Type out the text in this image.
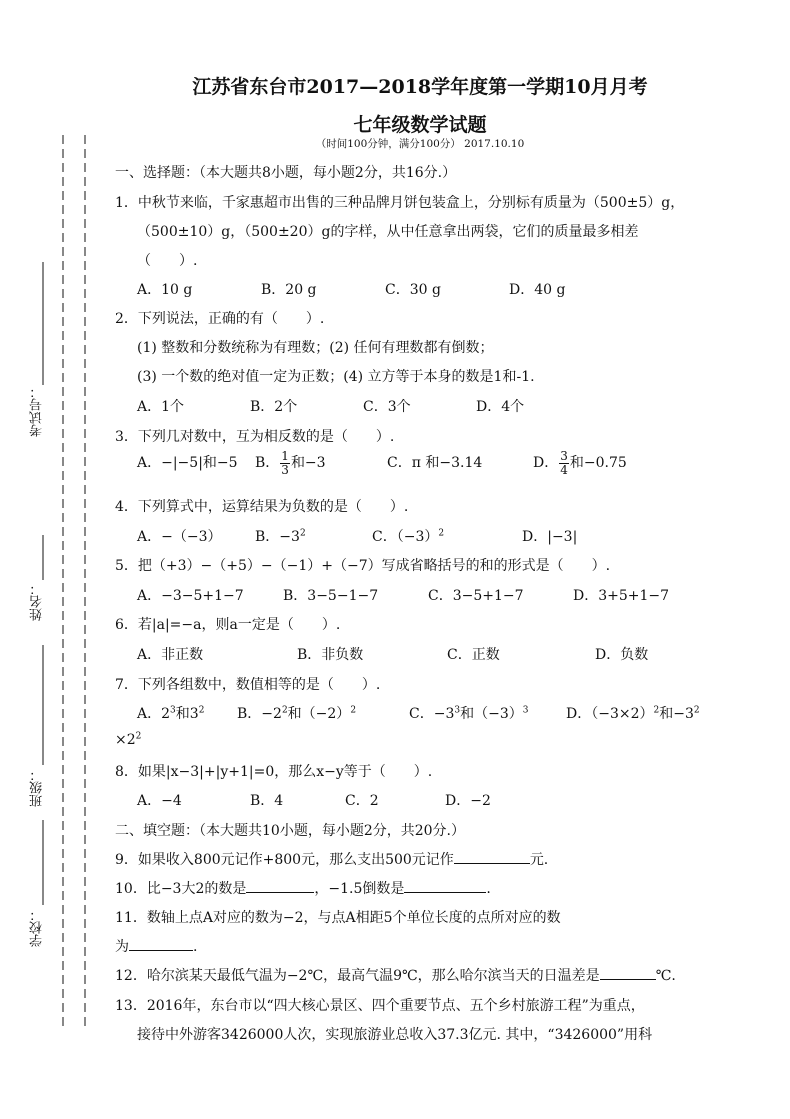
江苏省东台市2017—2018学年度第一学期10月月考
七年级数学试题
（时间100分钟，满分100分） 2017.10.10
考试号：
姓名：
班级：
学校：
一、选择题：（本大题共8小题，每小题2分，共16分.）
1．中秋节来临，千家惠超市出售的三种品牌月饼包装盒上，分别标有质量为（500±5）g，
（500±10）g，（500±20）g的字样，从中任意拿出两袋，它们的质量最多相差
（　　）.
A．10 g	B．20 g	C．30 g	D．40 g
2．下列说法，正确的有（　　）.
(1) 整数和分数统称为有理数；(2) 任何有理数都有倒数；
(3) 一个数的绝对值一定为正数；(4) 立方等于本身的数是1和-1.
A．1个	B．2个	C．3个	D．4个
3．下列几对数中，互为相反数的是（　　）.
A．−|−5|和−5 B． $\frac{1}{3}$ 和−3	C．π 和−3.14	D． $\frac{3}{4}$ 和−0.75
4．下列算式中，运算结果为负数的是（　　）.
A．−（−3） B．$-3^2$	C．$(-3)^2$	D．|−3|
5．把（+3）−（+5）−（−1）+（−7）写成省略括号的和的形式是（　　）.
A．−3−5+1−7	B．3−5−1−7	C．3−5+1−7	D．3+5+1−7
6．若|a|=−a，则a一定是（　　）.
A．非正数	B．非负数	C．正数	D．负数
7．下列各组数中，数值相等的是（　　）.
A．$2^3$和$3^2$ B．$-2^2$和$(-2)^2$	C．$-3^3$和$(-3)^3$	D．$(-3\times 2)^2$和$-3^2$
$\times 2^2$
8．如果|x−3|+|y+1|=0，那么x−y等于（　　）.
A．−4	B．4	C．2	D．−2
二、填空题：（本大题共10小题，每小题2分，共20分.）
9．如果收入800元记作+800元，那么支出500元记作	元.
10．比−3大2的数是	，−1.5倒数是	.
11．数轴上点A对应的数为−2，与点A相距5个单位长度的点所对应的数
为	.
12．哈尔滨某天最低气温为−2℃，最高气温9℃，那么哈尔滨当天的日温差是	℃.
13．2016年，东台市以“四大核心景区、四个重要节点、五个乡村旅游工程”为重点，
接待中外游客3426000人次，实现旅游业总收入37.3亿元. 其中，“3426000”用科
